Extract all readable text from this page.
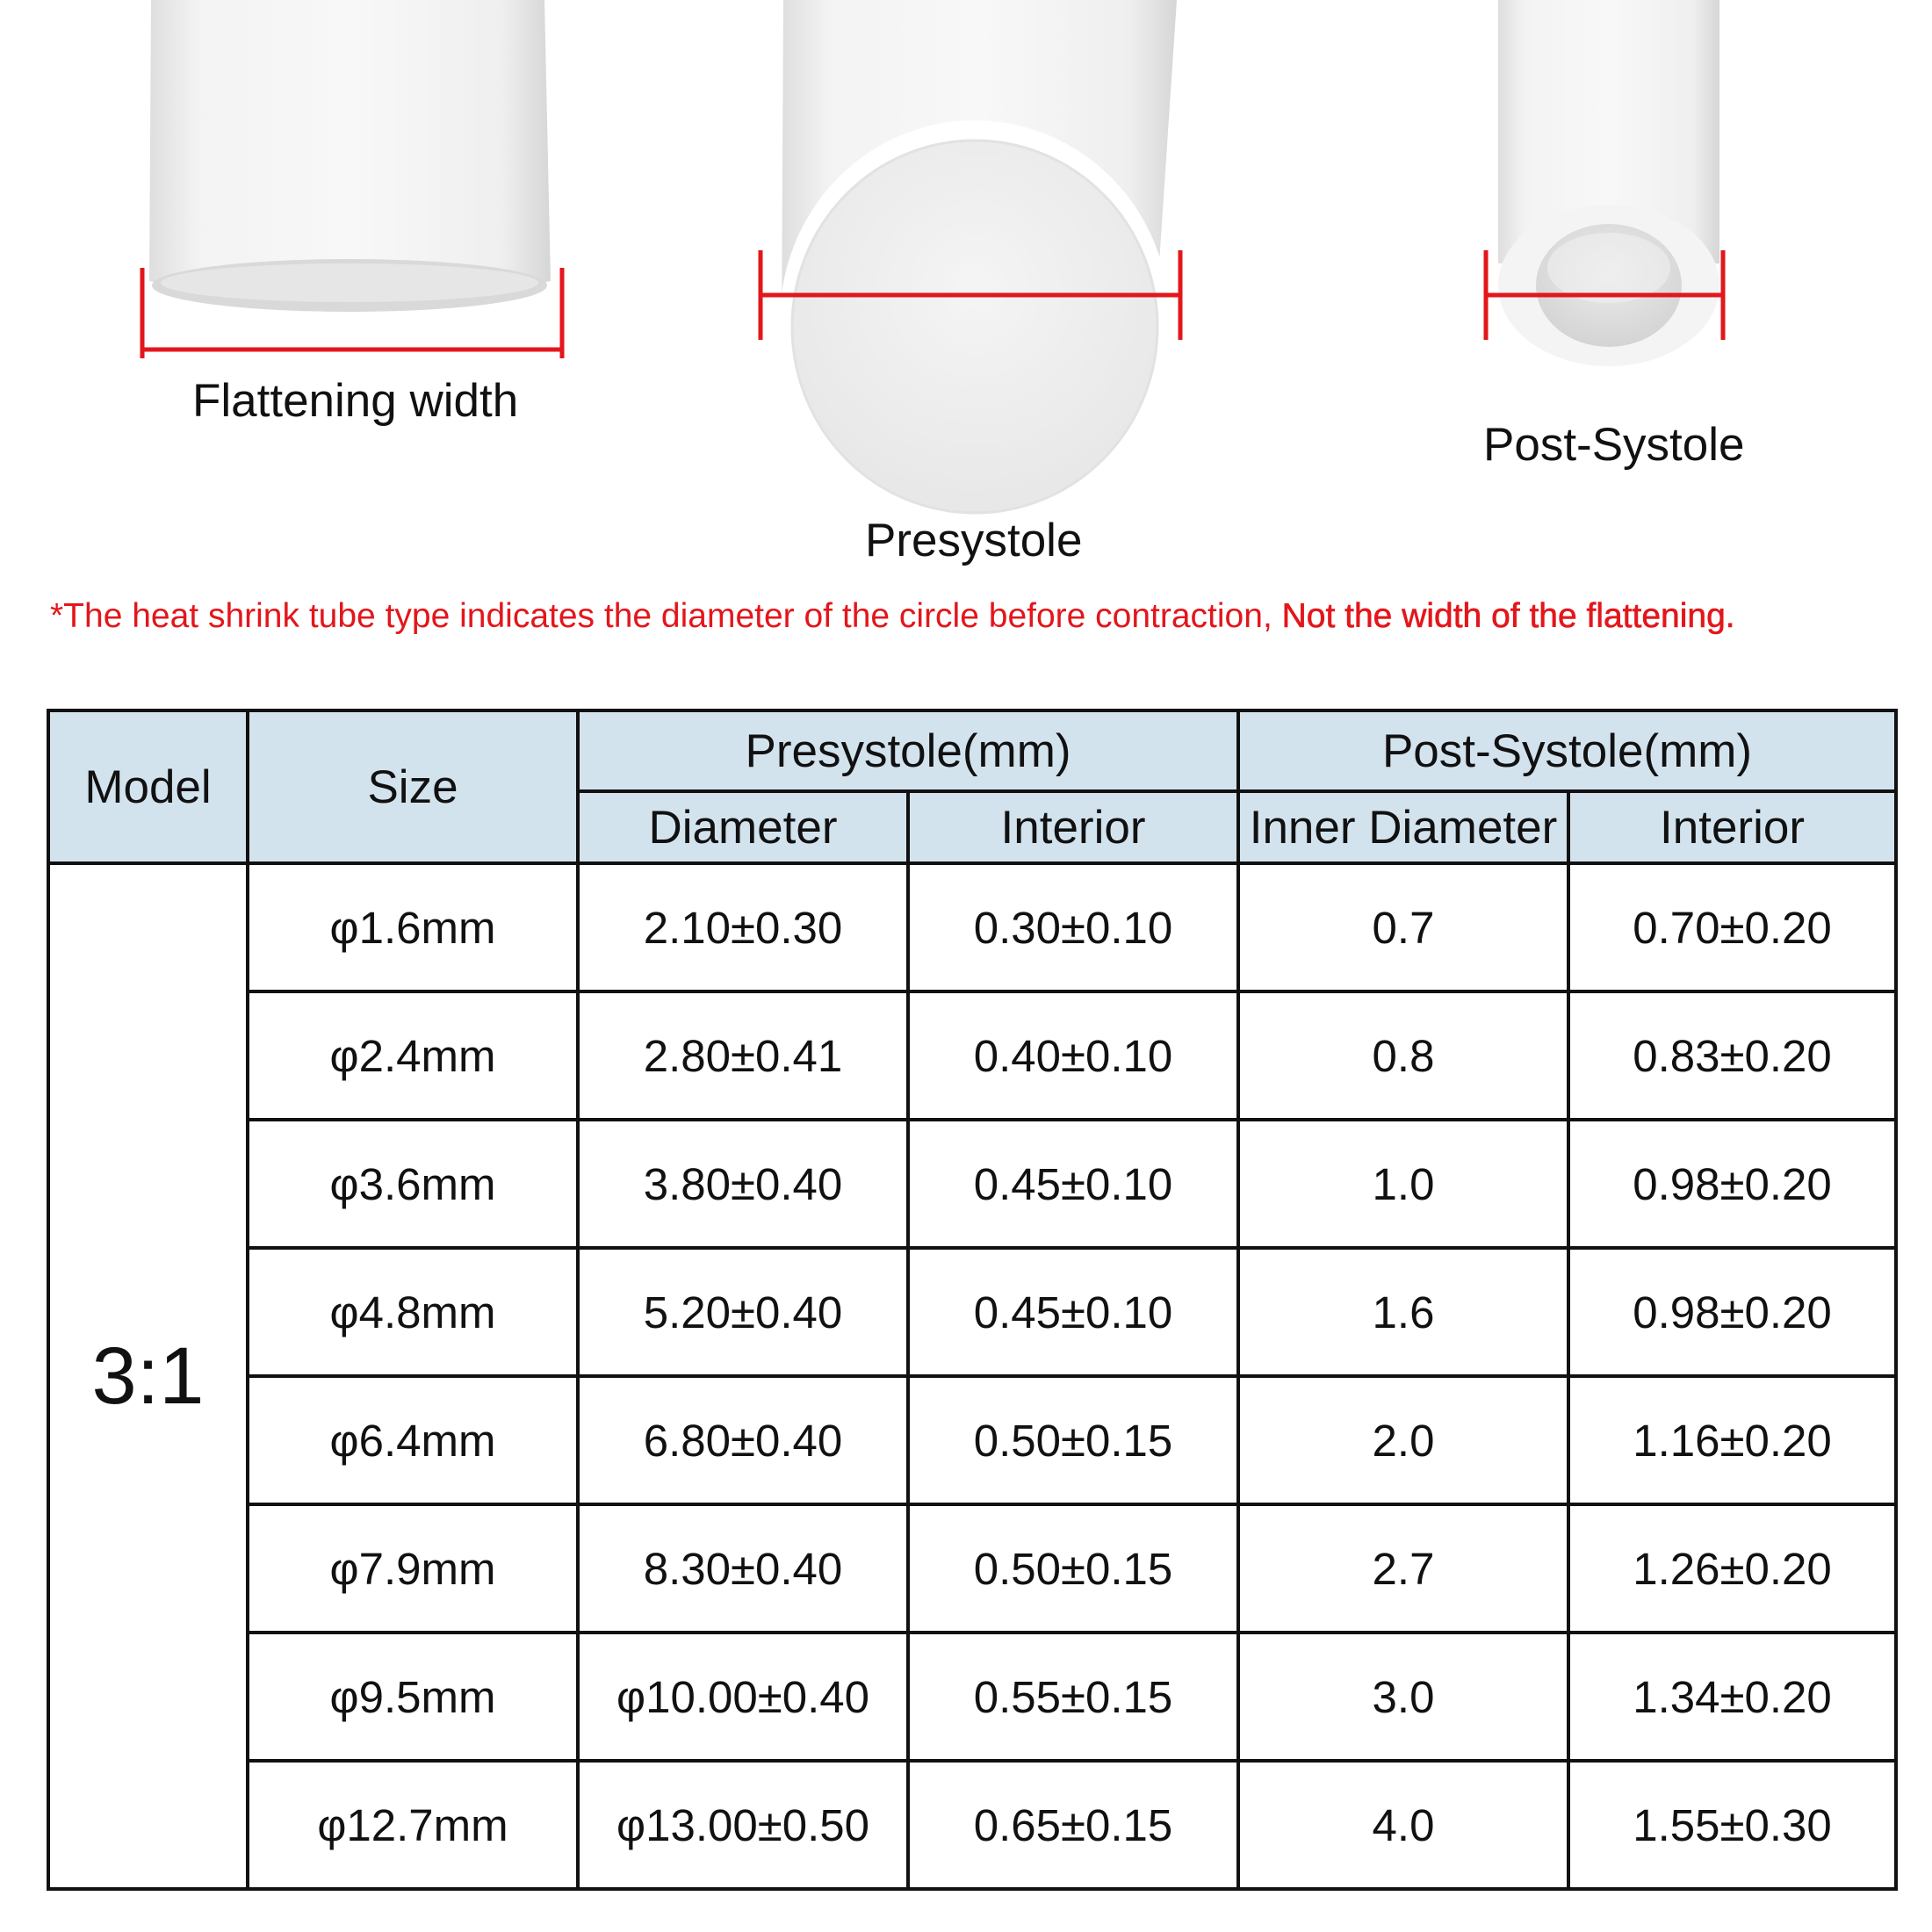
Flattening width
Presystole
Post-Systole
*The heat shrink tube type indicates the diameter of the circle before contraction, Not the width of the flattening.
Model	Size	Presystole(mm)		Post-Systole(mm)	
		Diameter	Interior	Inner Diameter	Interior
3:1	φ1.6mm	2.10±0.30	0.30±0.10	0.7	0.70±0.20
	φ2.4mm	2.80±0.41	0.40±0.10	0.8	0.83±0.20
	φ3.6mm	3.80±0.40	0.45±0.10	1.0	0.98±0.20
	φ4.8mm	5.20±0.40	0.45±0.10	1.6	0.98±0.20
	φ6.4mm	6.80±0.40	0.50±0.15	2.0	1.16±0.20
	φ7.9mm	8.30±0.40	0.50±0.15	2.7	1.26±0.20
	φ9.5mm	φ10.00±0.40	0.55±0.15	3.0	1.34±0.20
	φ12.7mm	φ13.00±0.50	0.65±0.15	4.0	1.55±0.30
